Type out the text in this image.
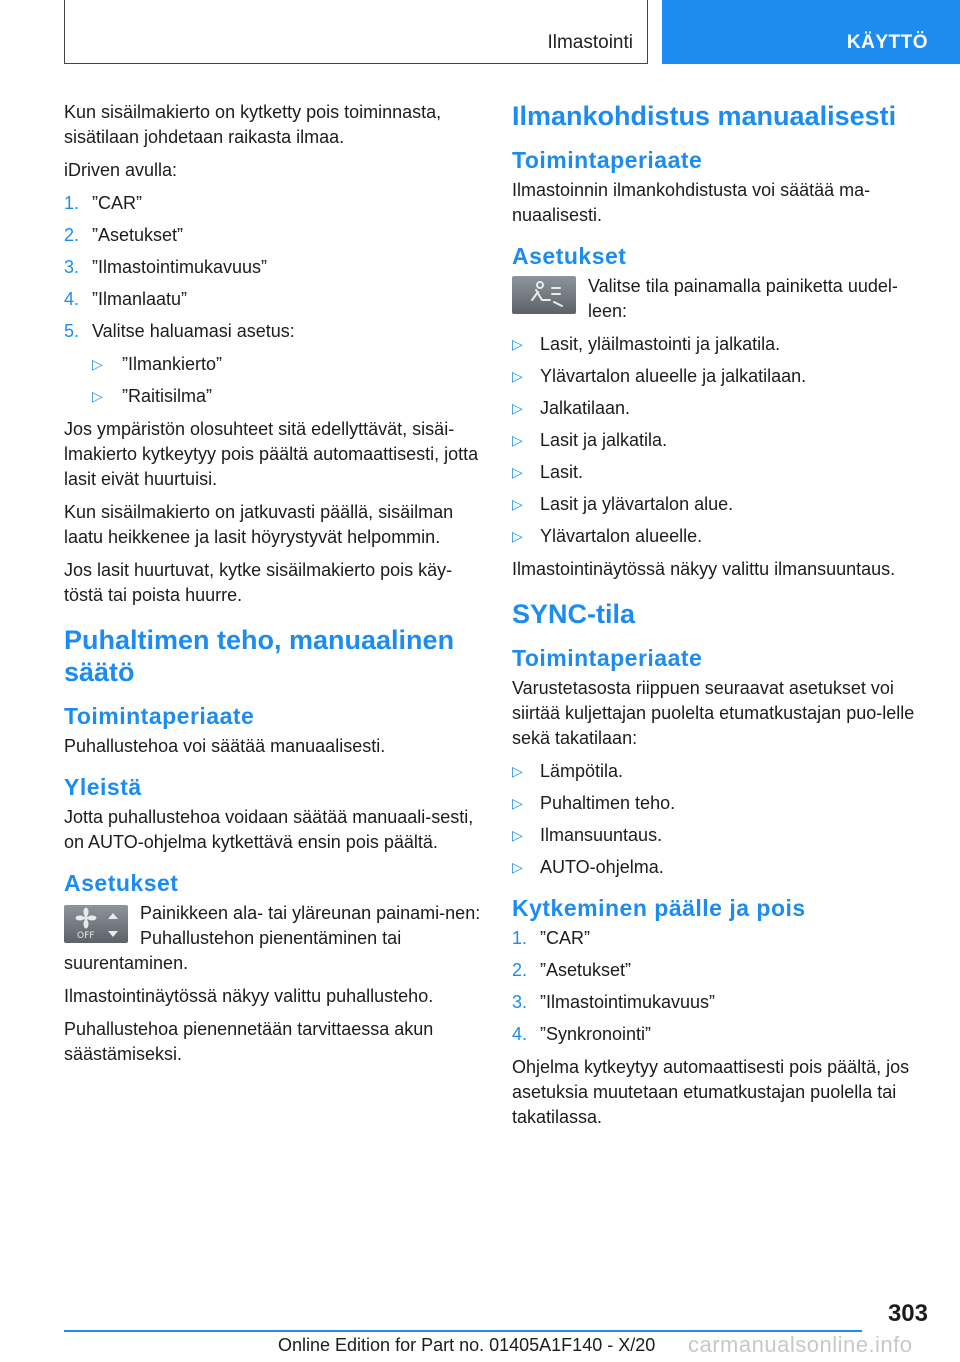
Ilmastointi	KÄYTTÖ

Kun sisäilmakierto on kytketty pois toiminnasta, sisätilaan johdetaan raikasta ilmaa.

iDriven avulla:

1. ”CAR”
2. ”Asetukset”
3. ”Ilmastointimukavuus”
4. ”Ilmanlaatu”
5. Valitse haluamasi asetus:
▷ ”Ilmankierto”
▷ ”Raitisilma”

Jos ympäristön olosuhteet sitä edellyttävät, sisäi-lmakierto kytkeytyy pois päältä automaattisesti, jotta lasit eivät huurtuisi.

Kun sisäilmakierto on jatkuvasti päällä, sisäilman laatu heikkenee ja lasit höyrystyvät helpommin.

Jos lasit huurtuvat, kytke sisäilmakierto pois käy-töstä tai poista huurre.

Puhaltimen teho, manuaalinen säätö
Toimintaperiaate

Puhallustehoa voi säätää manuaalisesti.

Yleistä

Jotta puhallustehoa voidaan säätää manuaali-sesti, on AUTO-ohjelma kytkettävä ensin pois päältä.

Asetukset
OFF

Painikkeen ala- tai yläreunan painami-nen: Puhallustehon pienentäminen tai suurentaminen.

Ilmastointinäytössä näkyy valittu puhallusteho.

Puhallustehoa pienennetään tarvittaessa akun säästämiseksi.

Ilmankohdistus manuaalisesti
Toimintaperiaate

Ilmastoinnin ilmankohdistusta voi säätää ma-nuaalisesti.

Asetukset

Valitse tila painamalla painiketta uudel-leen:

▷ Lasit, yläilmastointi ja jalkatila.
▷ Ylävartalon alueelle ja jalkatilaan.
▷ Jalkatilaan.
▷ Lasit ja jalkatila.
▷ Lasit.
▷ Lasit ja ylävartalon alue.
▷ Ylävartalon alueelle.

Ilmastointinäytössä näkyy valittu ilmansuuntaus.

SYNC-tila
Toimintaperiaate

Varustetasosta riippuen seuraavat asetukset voi siirtää kuljettajan puolelta etumatkustajan puo-lelle sekä takatilaan:

▷ Lämpötila.
▷ Puhaltimen teho.
▷ Ilmansuuntaus.
▷ AUTO-ohjelma.
Kytkeminen päälle ja pois
1. ”CAR”
2. ”Asetukset”
3. ”Ilmastointimukavuus”
4. ”Synkronointi”

Ohjelma kytkeytyy automaattisesti pois päältä, jos asetuksia muutetaan etumatkustajan puolella tai takatilassa.

303
Online Edition for Part no. 01405A1F140 - X/20 carmanualsonline.info
